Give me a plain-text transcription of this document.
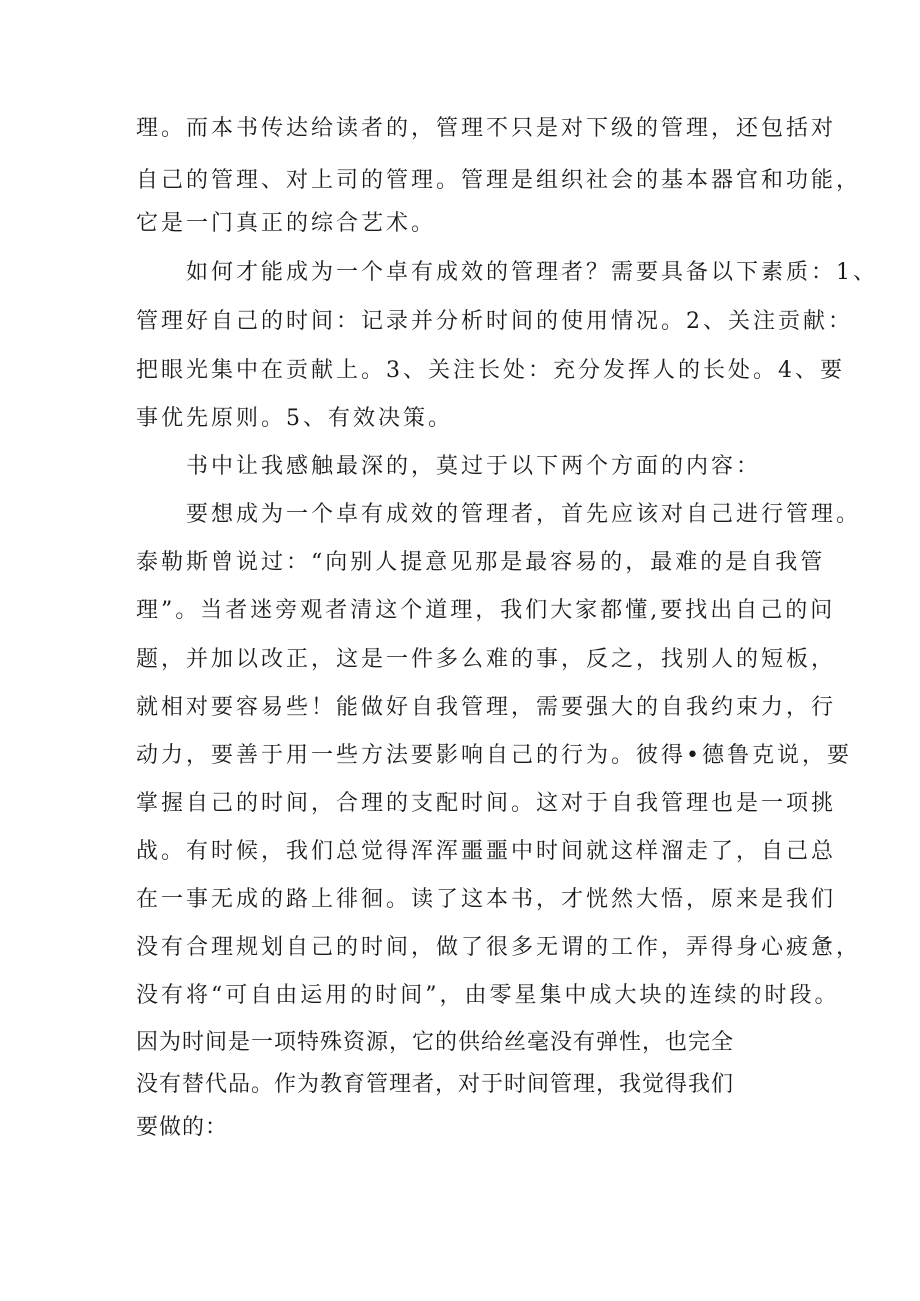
理。而本书传达给读者的，管理不只是对下级的管理，还包括对
自己的管理、对上司的管理。管理是组织社会的基本器官和功能，
它是一门真正的综合艺术。
　　如何才能成为一个卓有成效的管理者？需要具备以下素质：1、
管理好自己的时间：记录并分析时间的使用情况。2、关注贡献：
把眼光集中在贡献上。3、关注长处：充分发挥人的长处。4、要
事优先原则。5、有效决策。
　　书中让我感触最深的，莫过于以下两个方面的内容：
　　要想成为一个卓有成效的管理者，首先应该对自己进行管理。
泰勒斯曾说过：“向别人提意见那是最容易的，最难的是自我管
理”。当者迷旁观者清这个道理，我们大家都懂,要找出自己的问
题，并加以改正，这是一件多么难的事，反之，找别人的短板，
就相对要容易些！能做好自我管理，需要强大的自我约束力，行
动力，要善于用一些方法要影响自己的行为。彼得•德鲁克说，要
掌握自己的时间，合理的支配时间。这对于自我管理也是一项挑
战。有时候，我们总觉得浑浑噩噩中时间就这样溜走了，自己总
在一事无成的路上徘徊。读了这本书，才恍然大悟，原来是我们
没有合理规划自己的时间，做了很多无谓的工作，弄得身心疲惫，
没有将“可自由运用的时间”，由零星集中成大块的连续的时段。
因为时间是一项特殊资源，它的供给丝毫没有弹性，也完全
没有替代品。作为教育管理者，对于时间管理，我觉得我们
要做的：
